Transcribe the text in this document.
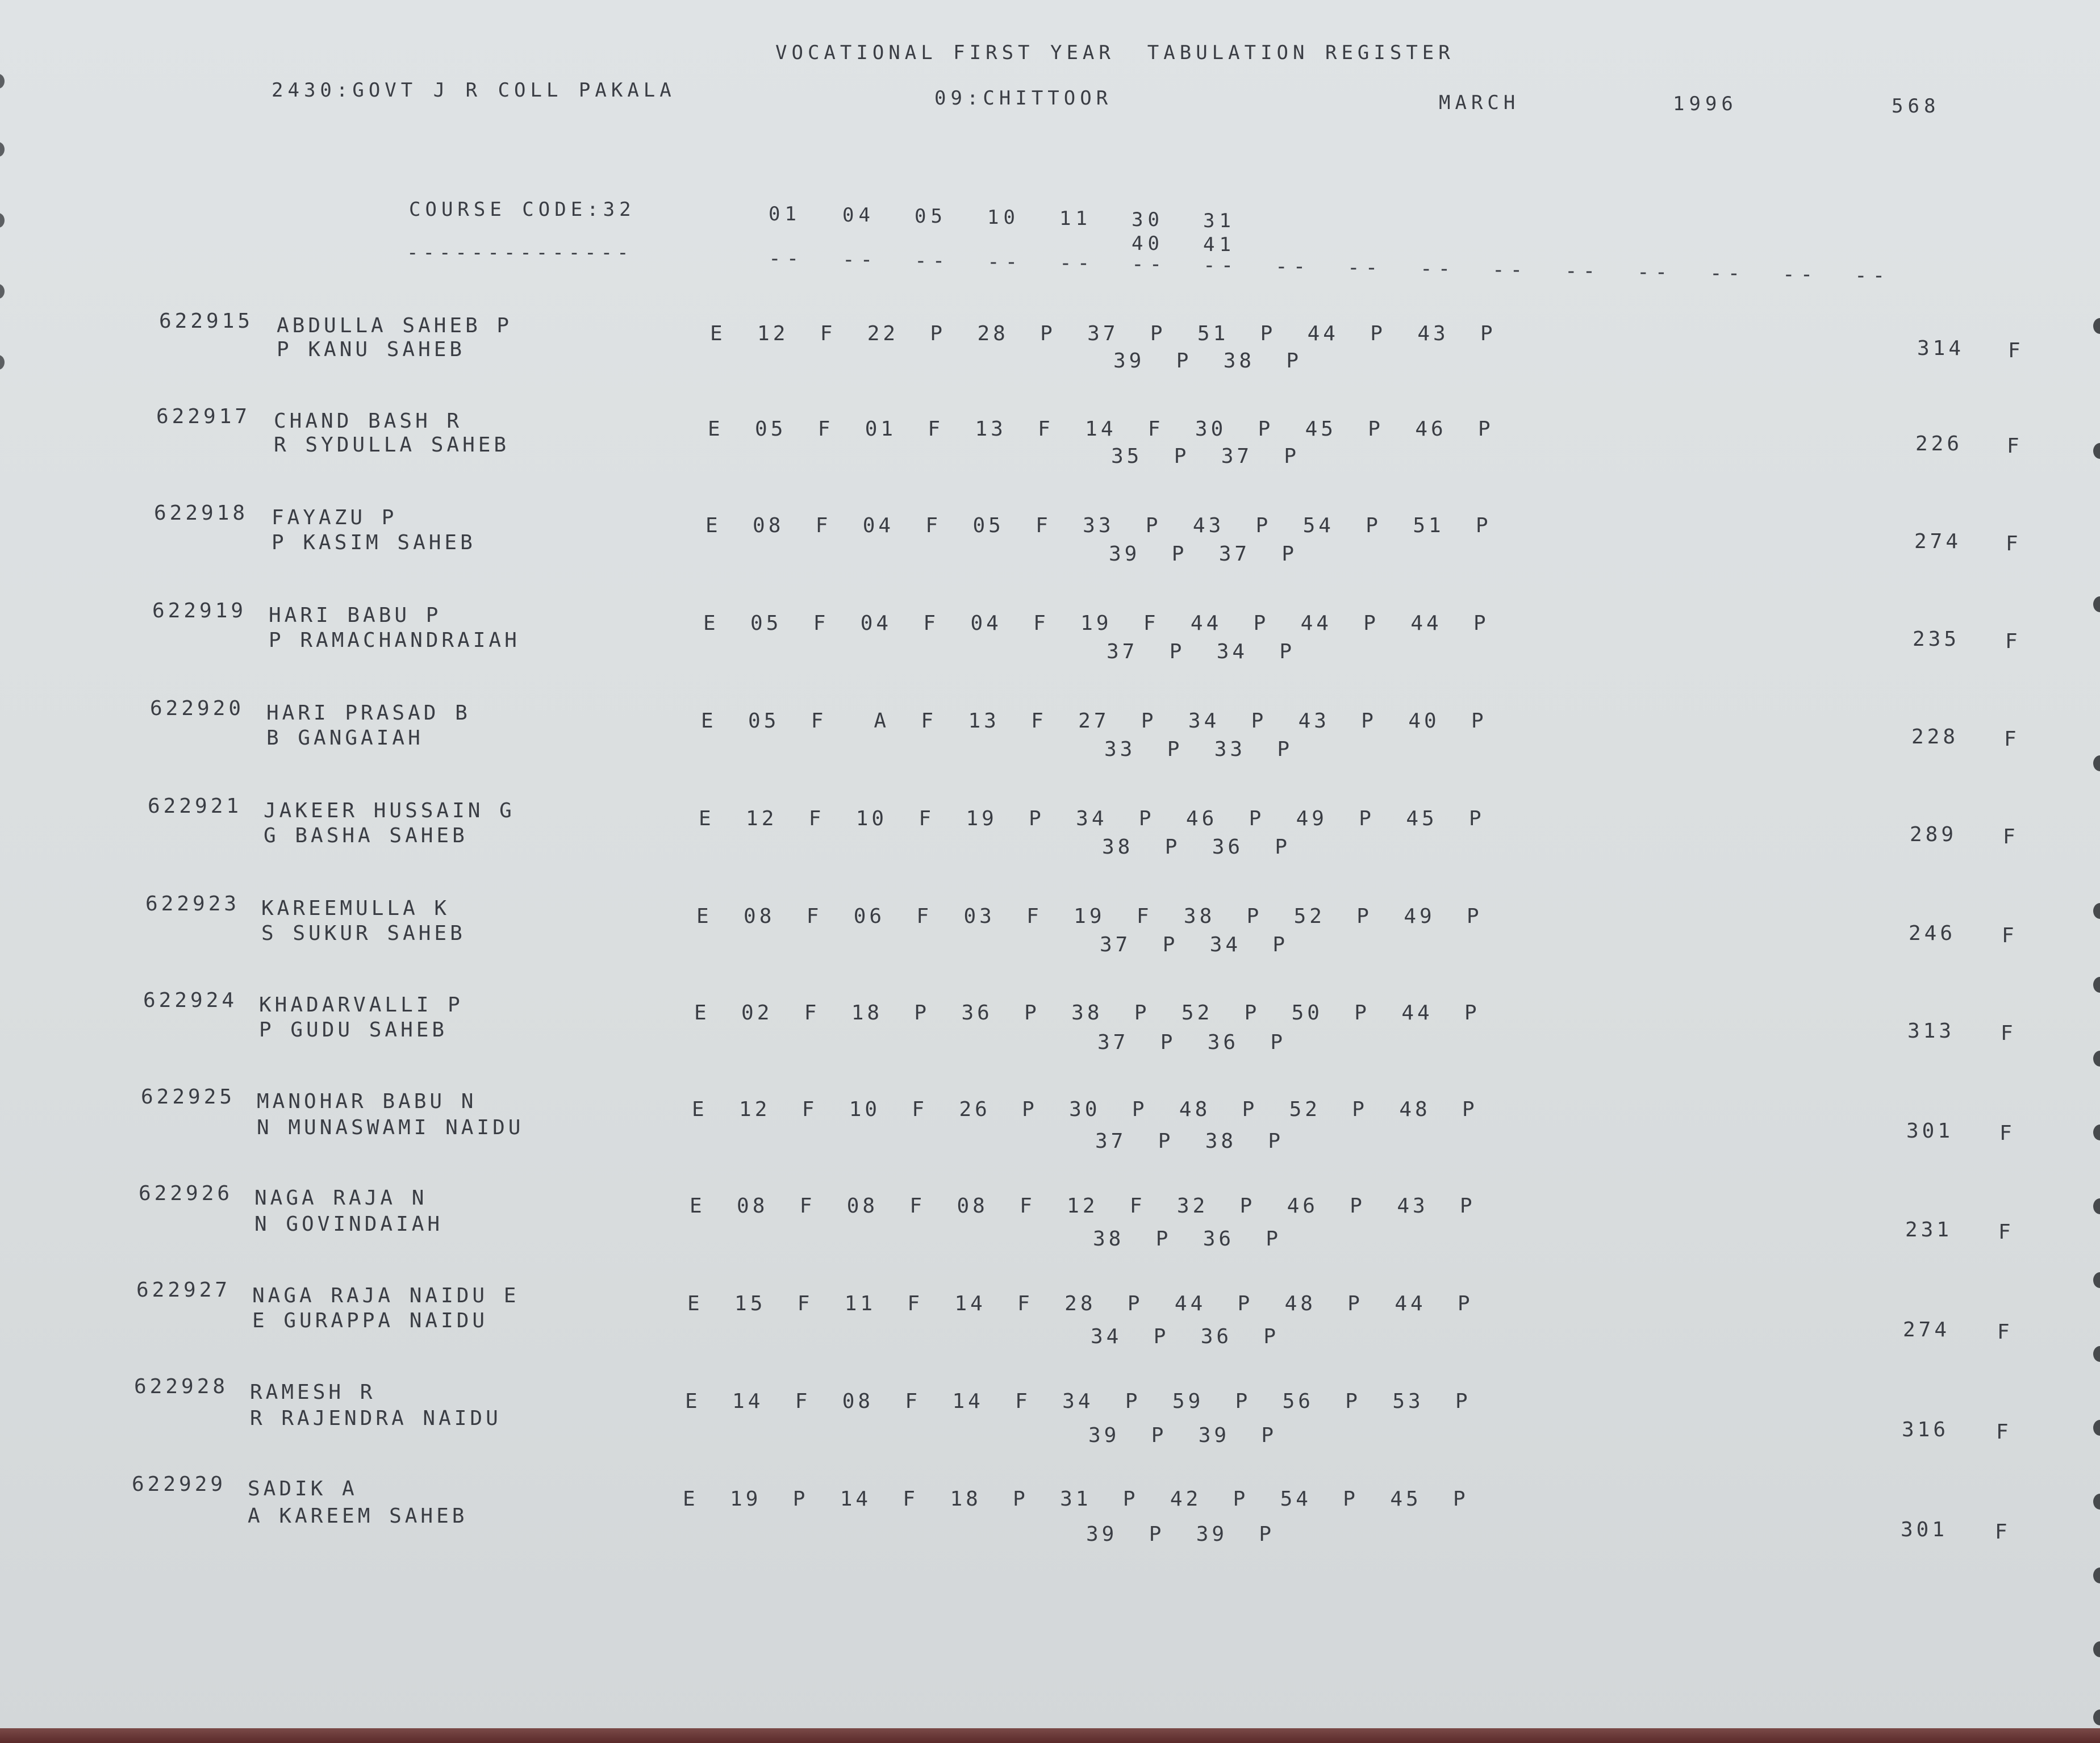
VOCATIONAL FIRST YEAR  TABULATION REGISTER
2430:GOVT J R COLL PAKALA	09:CHITTOOR	MARCH	1996	568
COURSE CODE:32
--------------
01 04 05 10 11 30 31
40 41
-- -- -- -- -- -- -- -- -- -- -- -- -- -- -- --
622915 ABDULLA SAHEB P
P KANU SAHEB
E  12  F  22  P  28  P  37  P  51  P  44  P  43  P
39  P  38  P
314 F
622917 CHAND BASH R
R SYDULLA SAHEB
E  05  F  01  F  13  F  14  F  30  P  45  P  46  P
35  P  37  P
226 F
622918 FAYAZU P
P KASIM SAHEB
E  08  F  04  F  05  F  33  P  43  P  54  P  51  P
39  P  37  P
274 F
622919 HARI BABU P
P RAMACHANDRAIAH
E  05  F  04  F  04  F  19  F  44  P  44  P  44  P
37  P  34  P
235 F
622920 HARI PRASAD B
B GANGAIAH
E  05  F   A  F  13  F  27  P  34  P  43  P  40  P
33  P  33  P
228 F
622921 JAKEER HUSSAIN G
G BASHA SAHEB
E  12  F  10  F  19  P  34  P  46  P  49  P  45  P
38  P  36  P
289 F
622923 KAREEMULLA K
S SUKUR SAHEB
E  08  F  06  F  03  F  19  F  38  P  52  P  49  P
37  P  34  P	246 F
622924 KHADARVALLI P
P GUDU SAHEB
E  02  F  18  P  36  P  38  P  52  P  50  P  44  P
37  P  36  P	313 F
622925 MANOHAR BABU N
N MUNASWAMI NAIDU
E  12  F  10  F  26  P  30  P  48  P  52  P  48  P
37  P  38  P	301 F
622926 NAGA RAJA N
N GOVINDAIAH
E  08  F  08  F  08  F  12  F  32  P  46  P  43  P
38  P  36  P	231 F
622927 NAGA RAJA NAIDU E
E GURAPPA NAIDU
E  15  F  11  F  14  F  28  P  44  P  48  P  44  P
34  P  36  P	274 F
622928 RAMESH R
R RAJENDRA NAIDU
E  14  F  08  F  14  F  34  P  59  P  56  P  53  P
39  P  39  P	316 F
622929 SADIK A
A KAREEM SAHEB
E  19  P  14  F  18  P  31  P  42  P  54  P  45  P
39  P  39  P	301 F
